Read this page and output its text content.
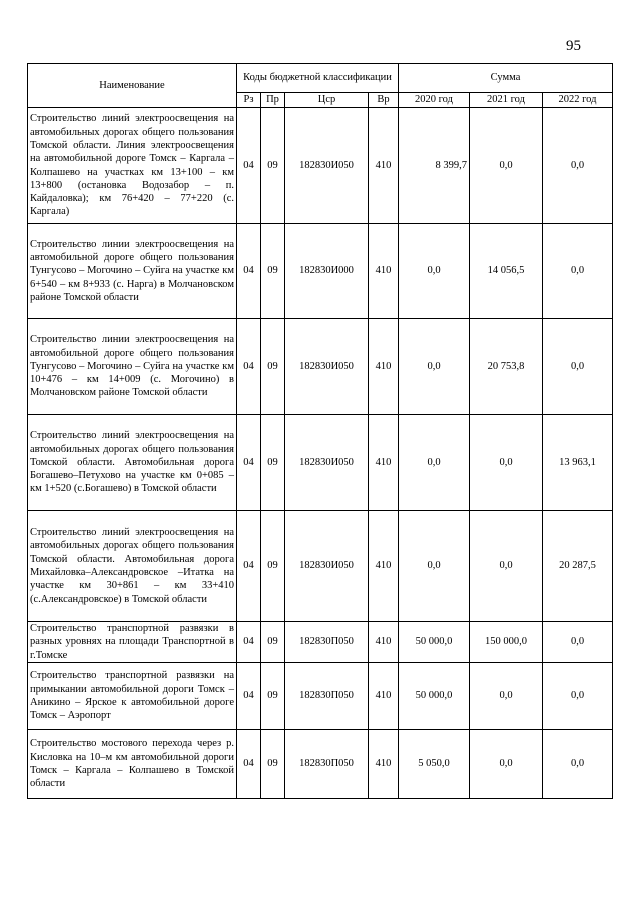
95
Наименование	Коды бюджетной классификации				Сумма		
	Рз	Пр	Цср	Вр	2020 год	2021 год	2022 год
Строительство линий электроосвещения на автомобильных дорогах общего пользования Томской области. Линия электроосвещения на автомобильной дороге Томск – Каргала – Колпашево на участках км 13+100 – км 13+800 (остановка Водозабор – п. Кайдаловка); км 76+420 – 77+220 (с. Каргала)	04	09	182830И050	410	8 399,7	0,0	0,0
Строительство линии электроосвещения на автомобильной дороге общего пользования Тунгусово – Могочино – Суйга на участке км 6+540 – км 8+933 (с. Нарга) в Молчановском районе Томской области	04	09	182830И000	410	0,0	14 056,5	0,0
Строительство линии электроосвещения на автомобильной дороге общего пользования Тунгусово – Могочино – Суйга на участке км 10+476 – км 14+009 (с. Могочино) в Молчановском районе Томской области	04	09	182830И050	410	0,0	20 753,8	0,0
Строительство линий электроосвещения на автомобильных дорогах общего пользования Томской области. Автомобильная дорога Богашево–Петухово на участке км 0+085 – км 1+520 (с.Богашево) в Томской области	04	09	182830И050	410	0,0	0,0	13 963,1
Строительство линий электроосвещения на автомобильных дорогах общего пользования Томской области. Автомобильная дорога Михайловка–Александровское –Итатка на участке км 30+861 – км 33+410 (с.Александровское) в Томской области	04	09	182830И050	410	0,0	0,0	20 287,5
Строительство транспортной развязки в разных уровнях на площади Транспортной в г.Томске	04	09	182830П050	410	50 000,0	150 000,0	0,0
Строительство транспортной развязки на примыкании автомобильной дороги Томск – Аникино – Ярское к автомобильной дороге Томск – Аэропорт	04	09	182830П050	410	50 000,0	0,0	0,0
Строительство мостового перехода через р. Кисловка на 10–м км автомобильной дороги Томск – Каргала – Колпашево в Томской области	04	09	182830П050	410	5 050,0	0,0	0,0
